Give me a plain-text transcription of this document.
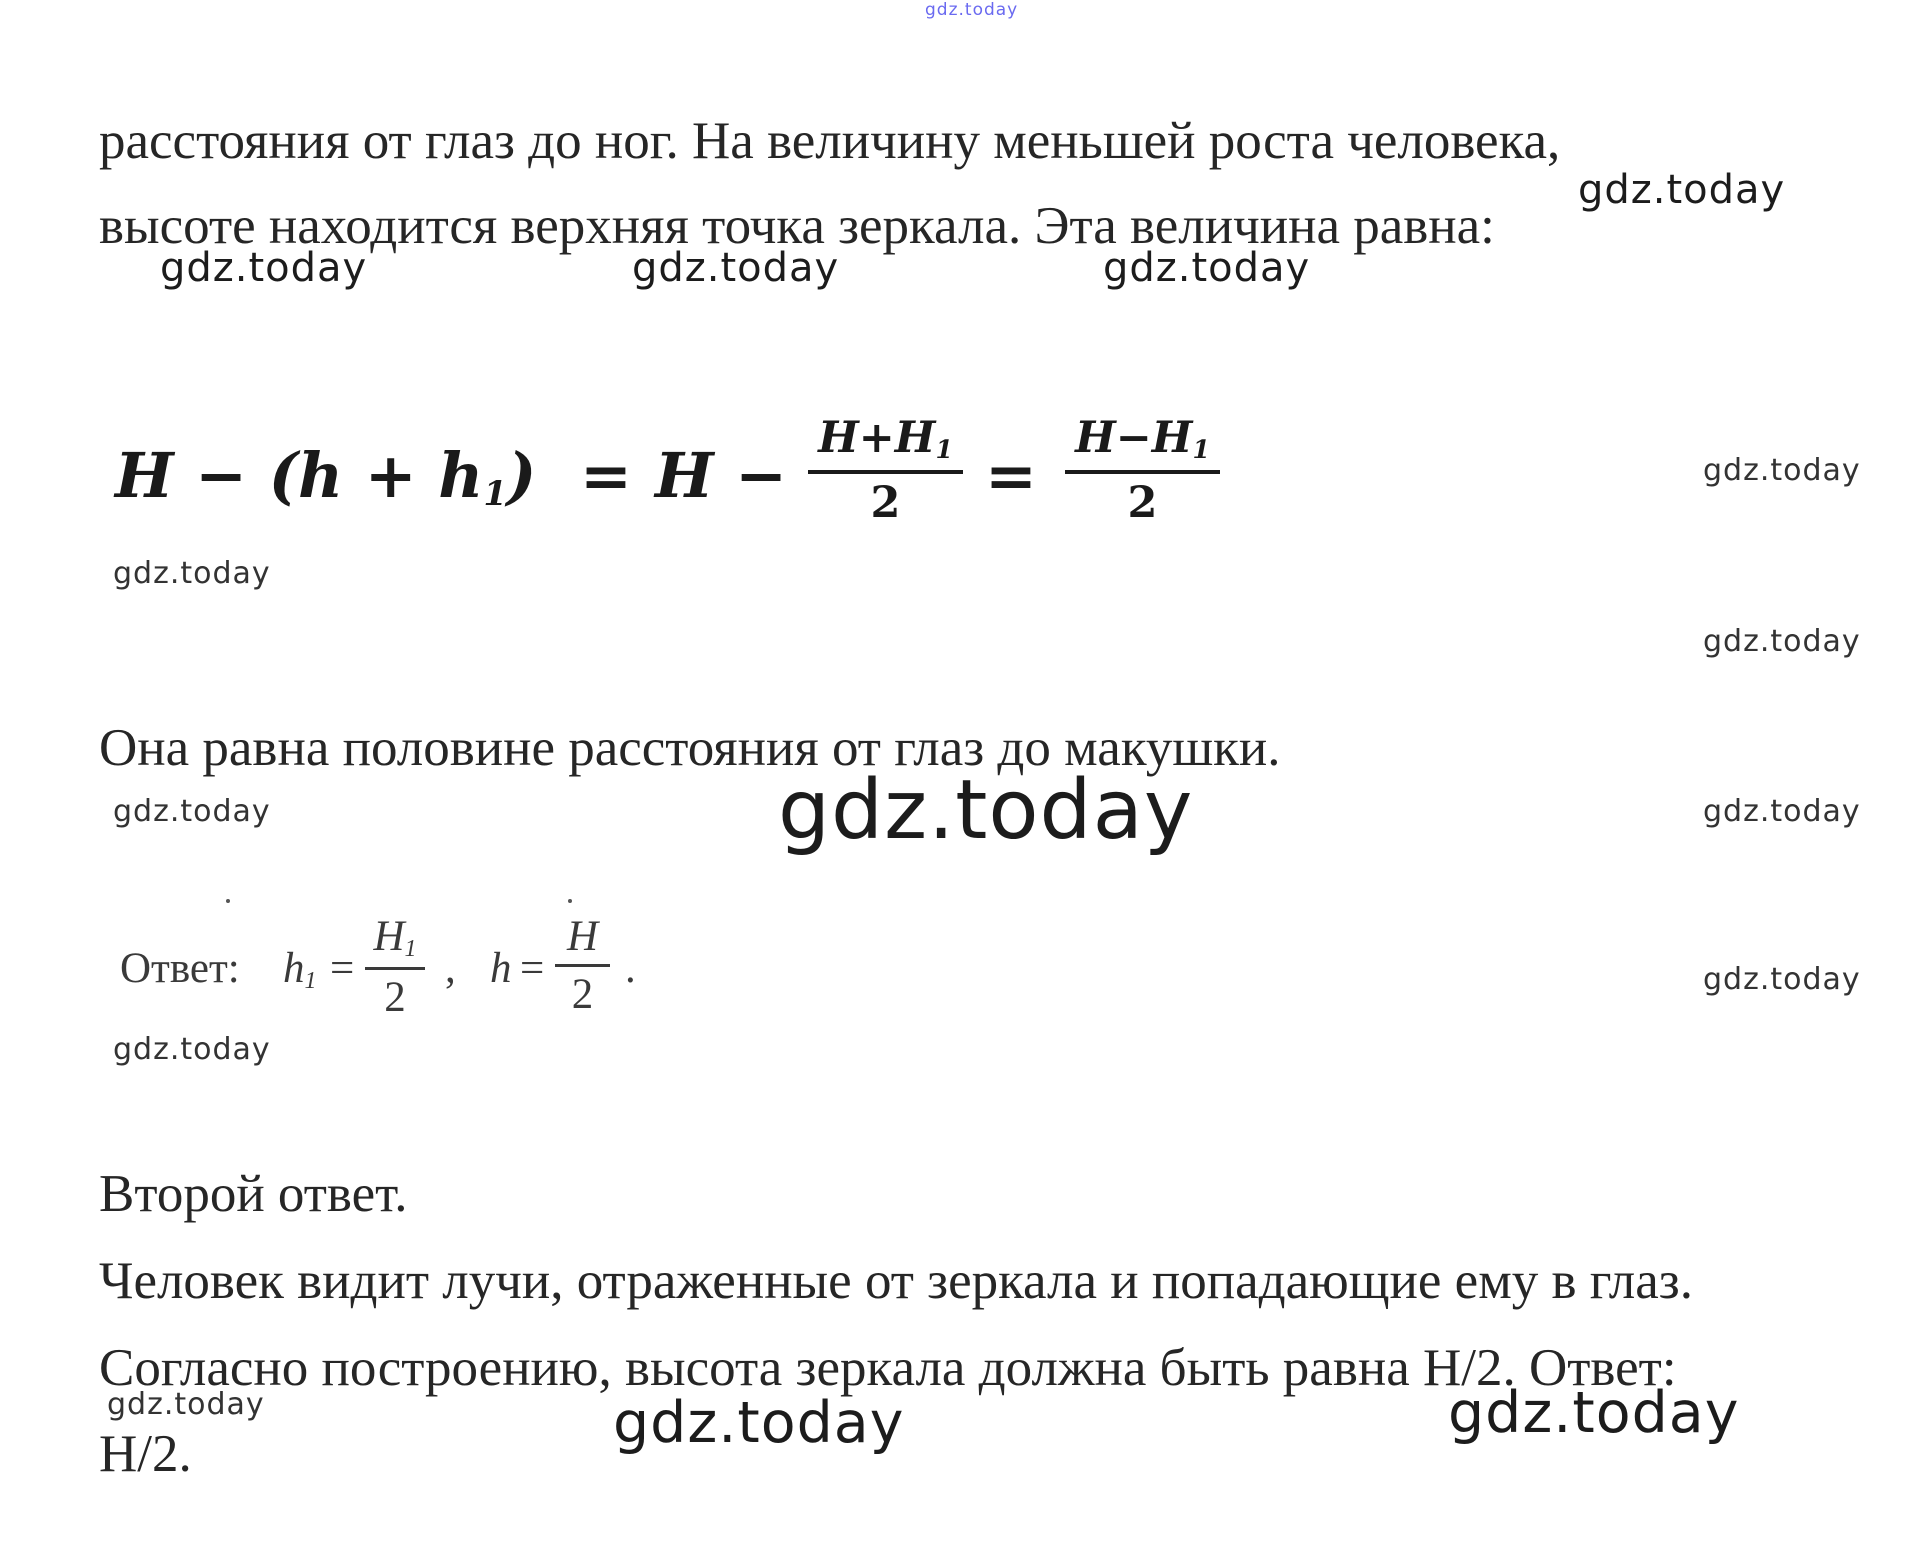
gdz.today

расстояния от глаз до ног. На величину меньшей роста человека,

высоте находится верхняя точка зеркала. Эта величина равна:

gdz.today
gdz.today	gdz.today	gdz.today
$H - (h + h_1) = H$ −
$H+H_1$
2	=
$H-H_1$
2
gdz.today
gdz.today
gdz.today

Она равна половине расстояния от глаз до макушки.

gdz.today	gdz.today
gdz.today
Ответ: $h_1$ =
$H_1$
2
, h =
H
2
.	gdz.today
gdz.today

Второй ответ.

Человек видит лучи, отраженные от зеркала и попадающие ему в глаз.

Согласно построению, высота зеркала должна быть равна H/2. Ответ:

H/2.

gdz.today	gdz.today	gdz.today
